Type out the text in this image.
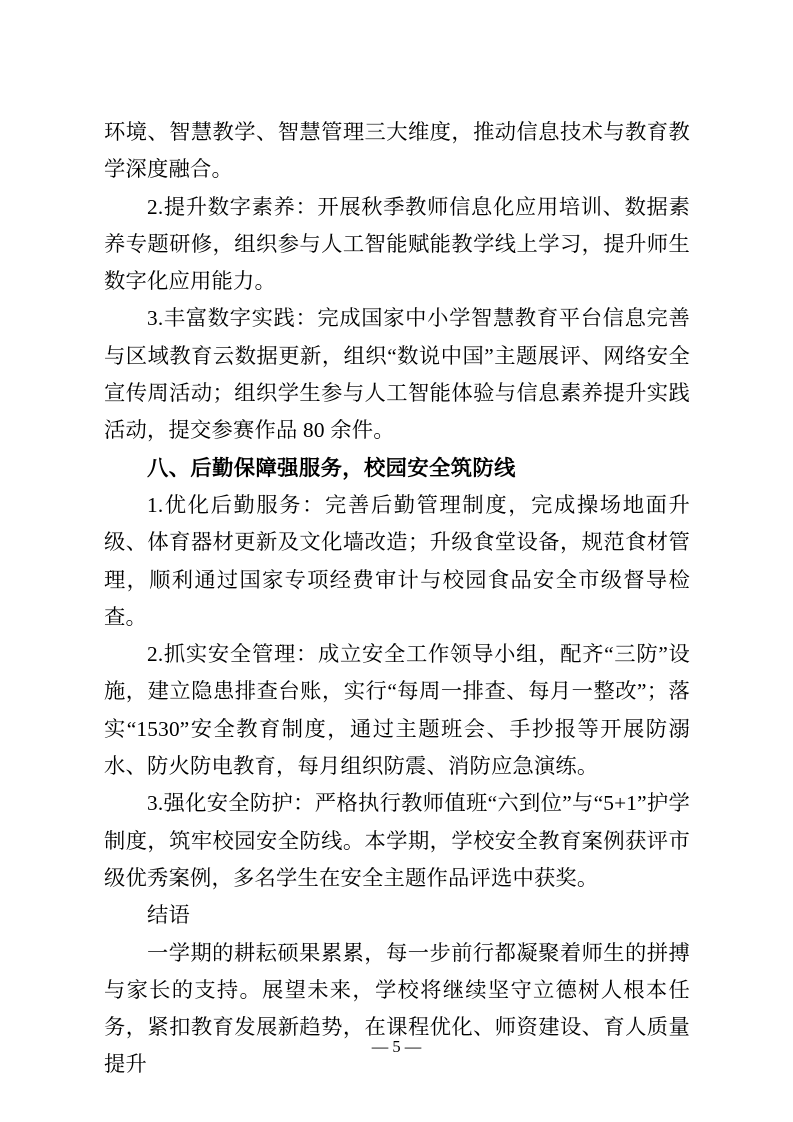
环境、智慧教学、智慧管理三大维度，推动信息技术与教育教学深度融合。

2.提升数字素养：开展秋季教师信息化应用培训、数据素养专题研修，组织参与人工智能赋能教学线上学习，提升师生数字化应用能力。

3.丰富数字实践：完成国家中小学智慧教育平台信息完善与区域教育云数据更新，组织“数说中国”主题展评、网络安全宣传周活动；组织学生参与人工智能体验与信息素养提升实践活动，提交参赛作品 80 余件。

八、后勤保障强服务，校园安全筑防线

1.优化后勤服务：完善后勤管理制度，完成操场地面升级、体育器材更新及文化墙改造；升级食堂设备，规范食材管理，顺利通过国家专项经费审计与校园食品安全市级督导检查。

2.抓实安全管理：成立安全工作领导小组，配齐“三防”设施，建立隐患排查台账，实行“每周一排查、每月一整改”；落实“1530”安全教育制度，通过主题班会、手抄报等开展防溺水、防火防电教育，每月组织防震、消防应急演练。

3.强化安全防护：严格执行教师值班“六到位”与“5+1”护学制度，筑牢校园安全防线。本学期，学校安全教育案例获评市级优秀案例，多名学生在安全主题作品评选中获奖。

结语

一学期的耕耘硕果累累，每一步前行都凝聚着师生的拼搏与家长的支持。展望未来，学校将继续坚守立德树人根本任务，紧扣教育发展新趋势，在课程优化、师资建设、育人质量提升

— 5 —
